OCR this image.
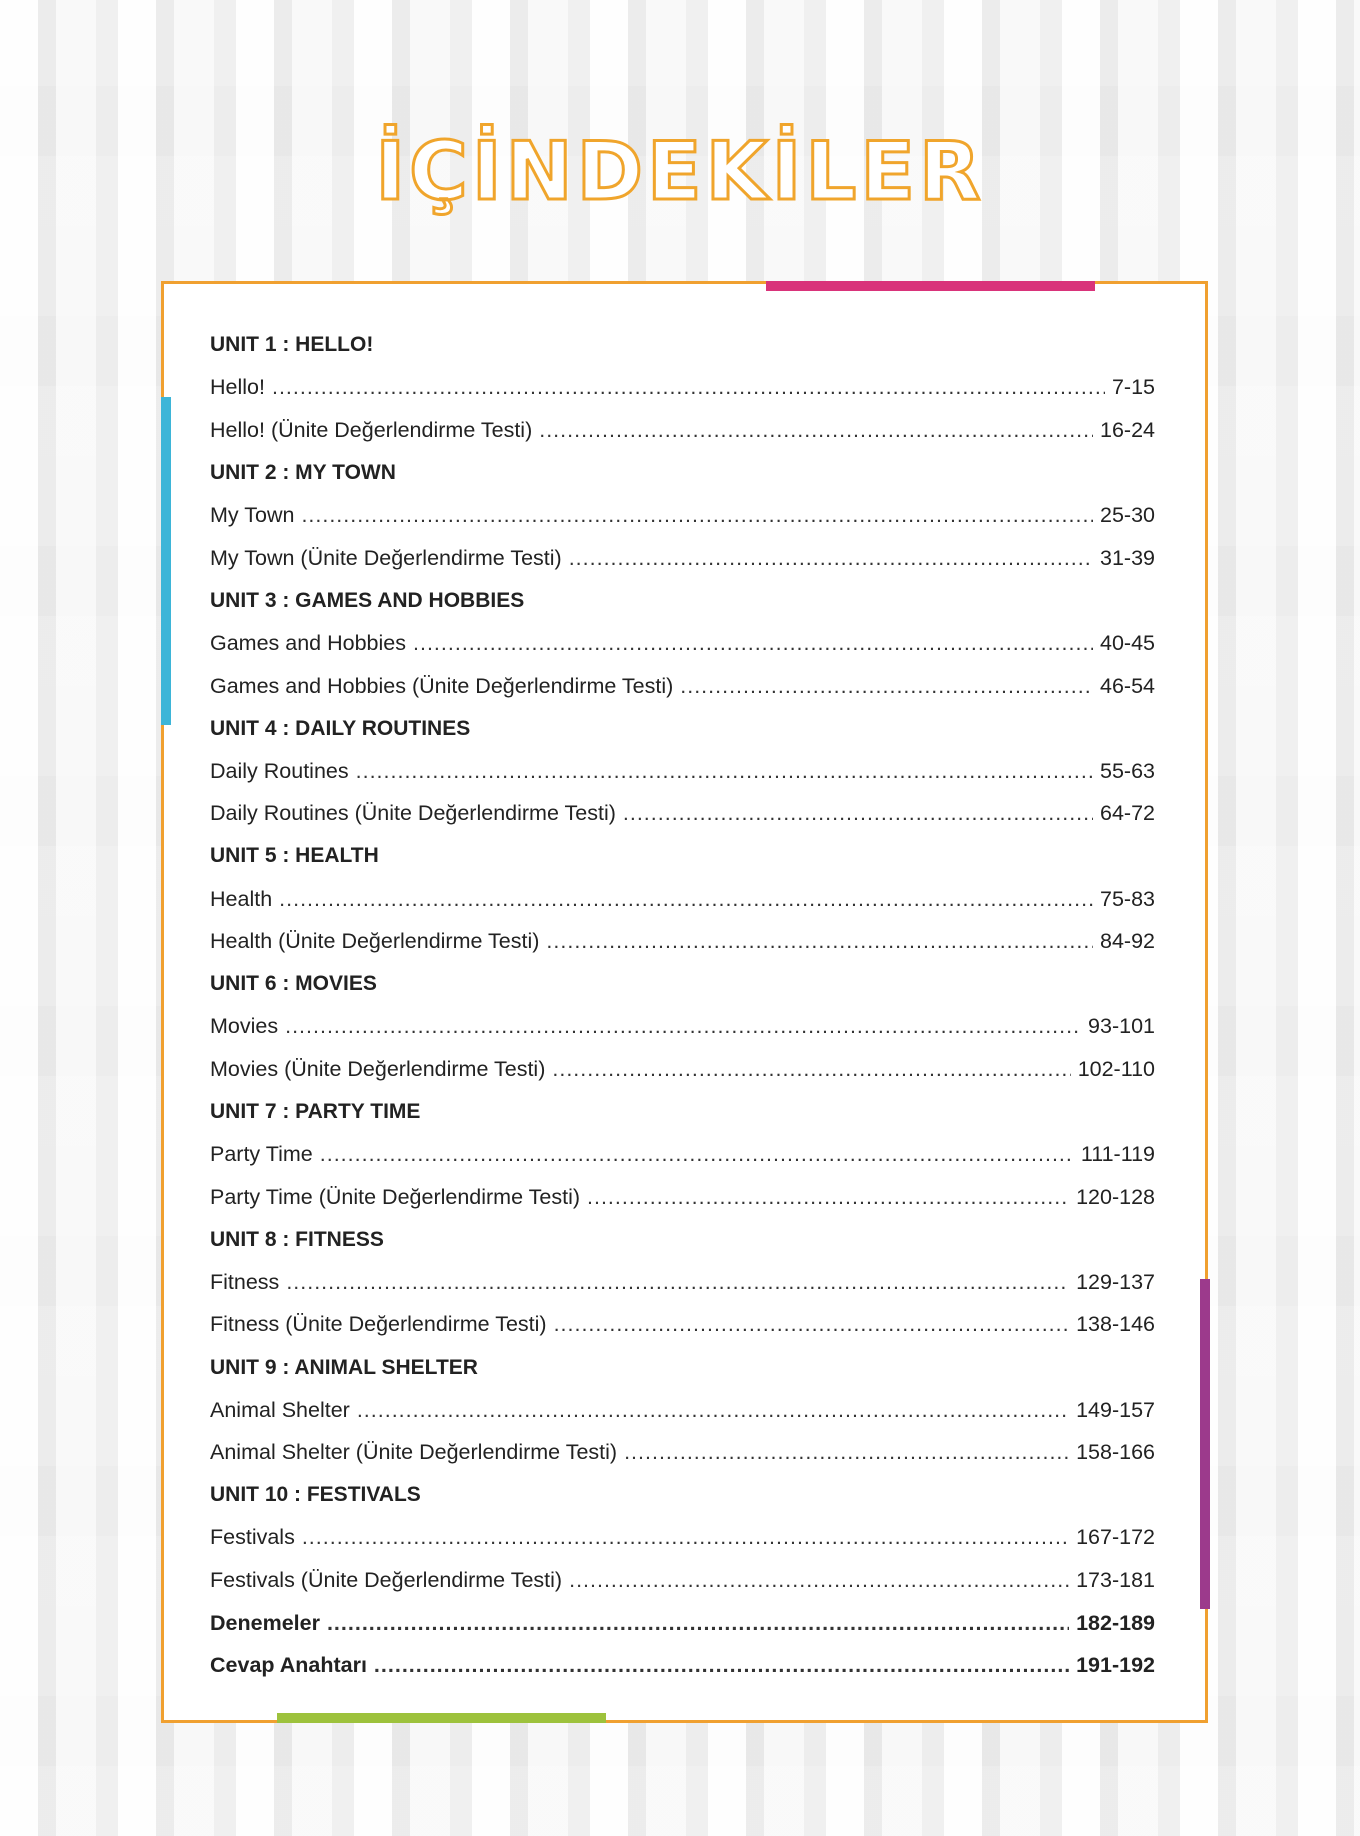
İÇİNDEKİLER
UNIT 1 : HELLO!
Hello! .....	7-15
Hello! (Ünite Değerlendirme Testi) .....	16-24
UNIT 2 : MY TOWN
My Town .....	25-30
My Town (Ünite Değerlendirme Testi) .....	31-39
UNIT 3 : GAMES AND HOBBIES
Games and Hobbies .....	40-45
Games and Hobbies (Ünite Değerlendirme Testi) .....	46-54
UNIT 4 : DAILY ROUTINES
Daily Routines .....	55-63
Daily Routines (Ünite Değerlendirme Testi) .....	64-72
UNIT 5 : HEALTH
Health .....	75-83
Health (Ünite Değerlendirme Testi) .....	84-92
UNIT 6 : MOVIES
Movies .....	93-101
Movies (Ünite Değerlendirme Testi) .....	102-110
UNIT 7 : PARTY TIME
Party Time .....	111-119
Party Time (Ünite Değerlendirme Testi) .....	120-128
UNIT 8 : FITNESS
Fitness .....	129-137
Fitness (Ünite Değerlendirme Testi) .....	138-146
UNIT 9 : ANIMAL SHELTER
Animal Shelter .....	149-157
Animal Shelter (Ünite Değerlendirme Testi) .....	158-166
UNIT 10 : FESTIVALS
Festivals .....	167-172
Festivals (Ünite Değerlendirme Testi) .....	173-181
Denemeler .....	182-189
Cevap Anahtarı .....	191-192
